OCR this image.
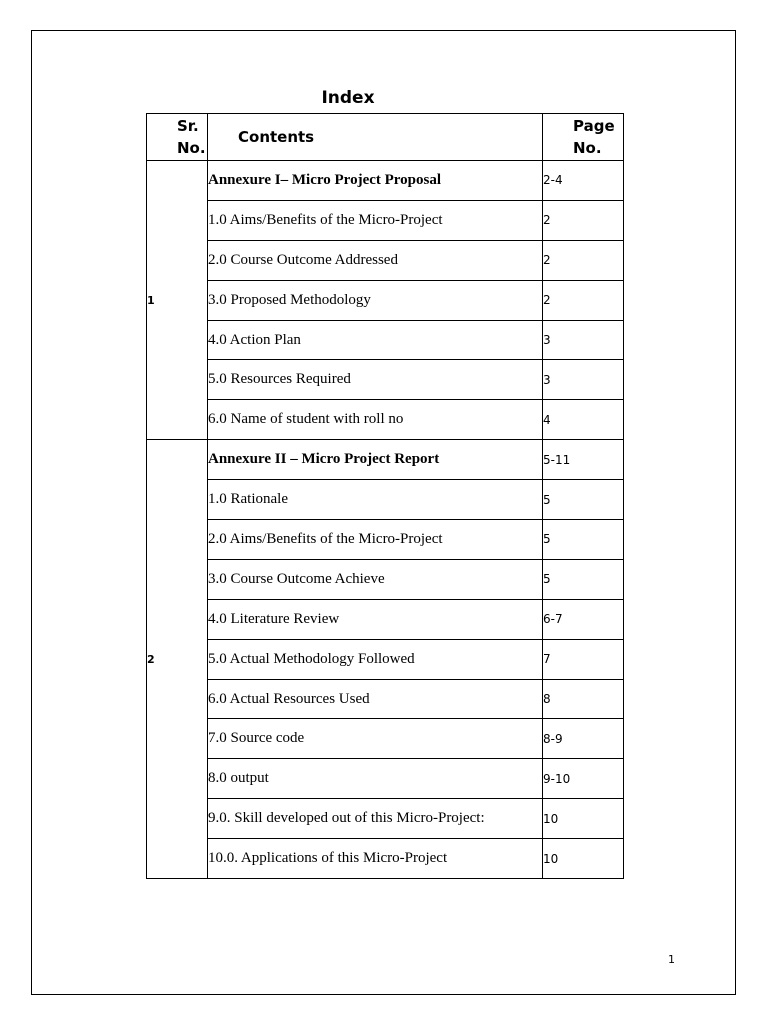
Index
Sr. No.	Contents	Page No.
1	Annexure I– Micro Project Proposal	2-4
	1.0 Aims/Benefits of the Micro-Project	2
	2.0 Course Outcome Addressed	2
	3.0 Proposed Methodology	2
	4.0 Action Plan	3
	5.0 Resources Required	3
	6.0 Name of student with roll no	4
2	Annexure II – Micro Project Report	5-11
	1.0 Rationale	5
	2.0 Aims/Benefits of the Micro-Project	5
	3.0 Course Outcome Achieve	5
	4.0 Literature Review	6-7
	5.0 Actual Methodology Followed	7
	6.0 Actual Resources Used	8
	7.0 Source code	8-9
	8.0 output	9-10
	9.0. Skill developed out of this Micro-Project:	10
	10.0. Applications of this Micro-Project	10
1
